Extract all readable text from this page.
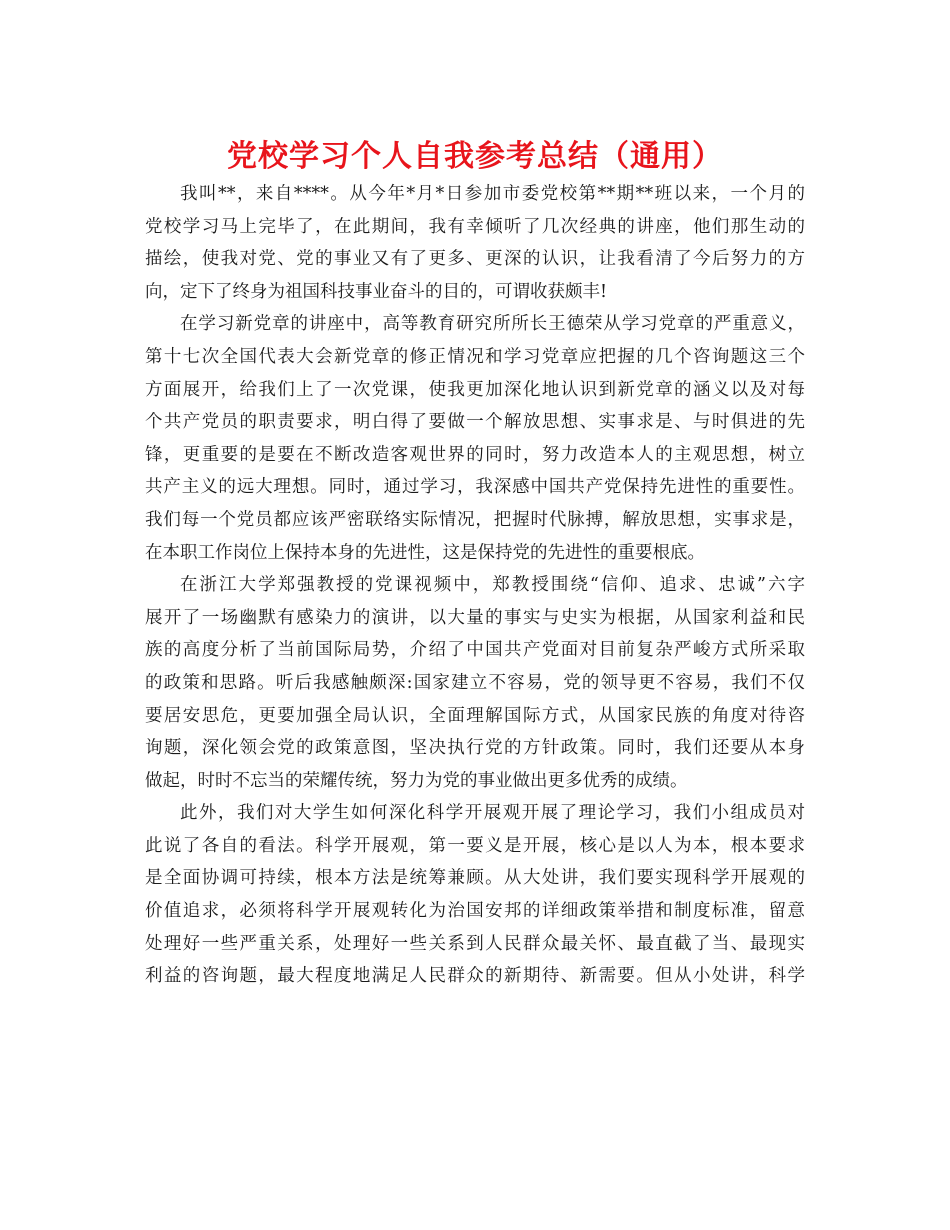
党校学习个人自我参考总结（通用）
我叫**，来自****。从今年*月*日参加市委党校第**期**班以来，一个月的
党校学习马上完毕了，在此期间，我有幸倾听了几次经典的讲座，他们那生动的
描绘，使我对党、党的事业又有了更多、更深的认识，让我看清了今后努力的方
向，定下了终身为祖国科技事业奋斗的目的，可谓收获颇丰!
在学习新党章的讲座中，高等教育研究所所长王德荣从学习党章的严重意义，
第十七次全国代表大会新党章的修正情况和学习党章应把握的几个咨询题这三个
方面展开，给我们上了一次党课，使我更加深化地认识到新党章的涵义以及对每
个共产党员的职责要求，明白得了要做一个解放思想、实事求是、与时俱进的先
锋，更重要的是要在不断改造客观世界的同时，努力改造本人的主观思想，树立
共产主义的远大理想。同时，通过学习，我深感中国共产党保持先进性的重要性。
我们每一个党员都应该严密联络实际情况，把握时代脉搏，解放思想，实事求是，
在本职工作岗位上保持本身的先进性，这是保持党的先进性的重要根底。
在浙江大学郑强教授的党课视频中，郑教授围绕“信仰、追求、忠诚”六字
展开了一场幽默有感染力的演讲，以大量的事实与史实为根据，从国家利益和民
族的高度分析了当前国际局势，介绍了中国共产党面对目前复杂严峻方式所采取
的政策和思路。听后我感触颇深:国家建立不容易，党的领导更不容易，我们不仅
要居安思危，更要加强全局认识，全面理解国际方式，从国家民族的角度对待咨
询题，深化领会党的政策意图，坚决执行党的方针政策。同时，我们还要从本身
做起，时时不忘当的荣耀传统，努力为党的事业做出更多优秀的成绩。
此外，我们对大学生如何深化科学开展观开展了理论学习，我们小组成员对
此说了各自的看法。科学开展观，第一要义是开展，核心是以人为本，根本要求
是全面协调可持续，根本方法是统筹兼顾。从大处讲，我们要实现科学开展观的
价值追求，必须将科学开展观转化为治国安邦的详细政策举措和制度标准，留意
处理好一些严重关系，处理好一些关系到人民群众最关怀、最直截了当、最现实
利益的咨询题，最大程度地满足人民群众的新期待、新需要。但从小处讲，科学
